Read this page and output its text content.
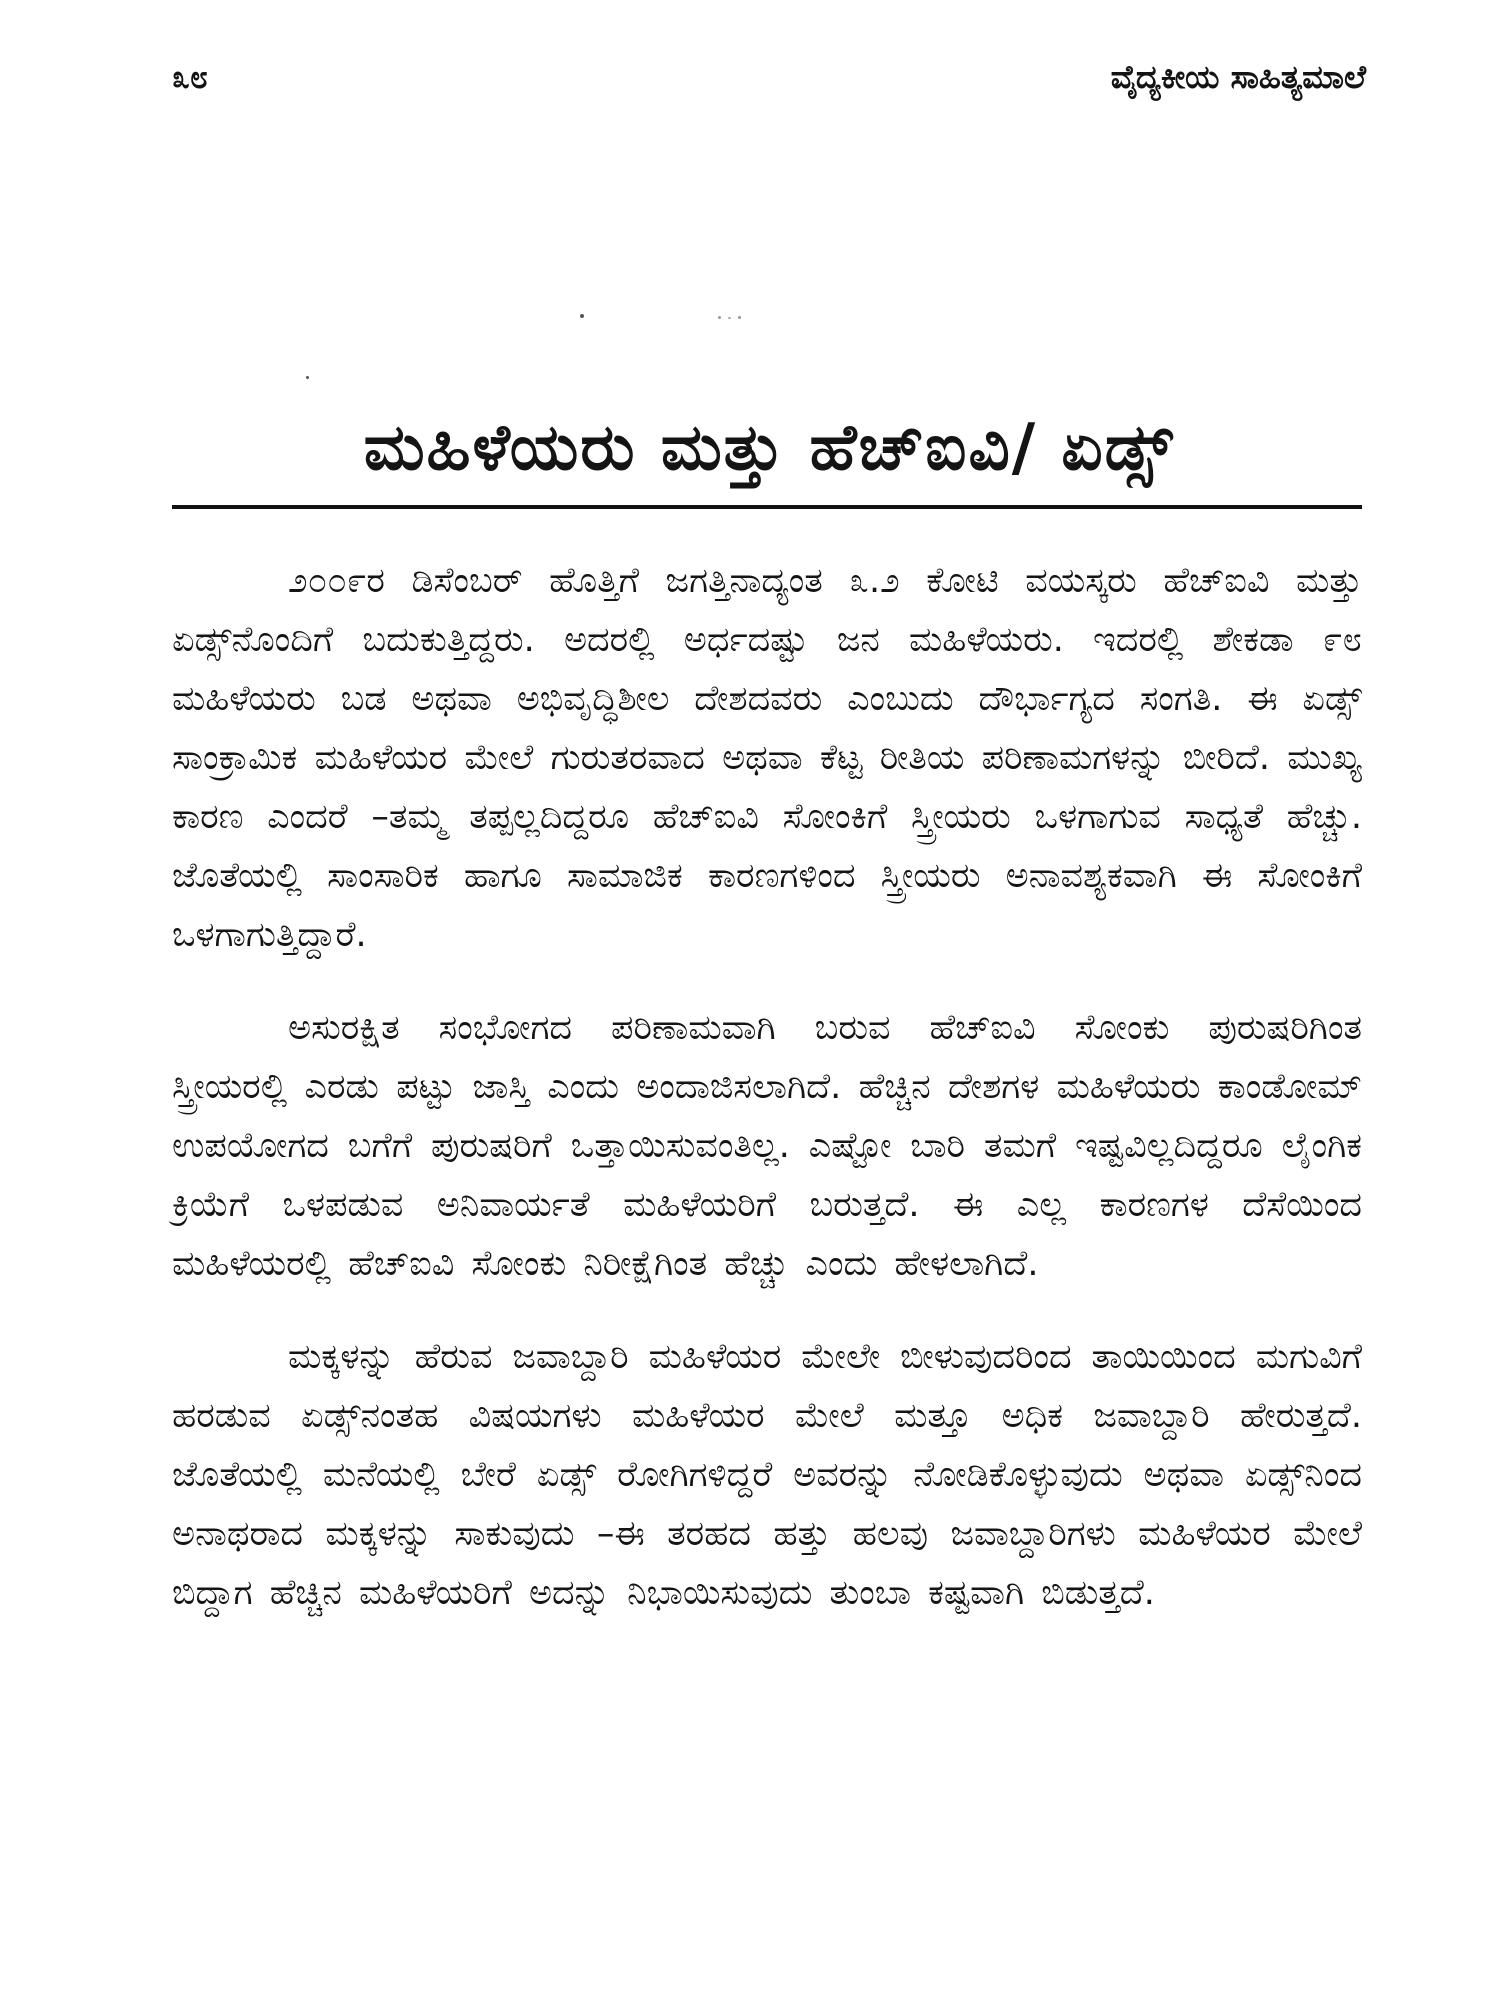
೩೮	ವೈದ್ಯಕೀಯ ಸಾಹಿತ್ಯಮಾಲೆ
ಮಹಿಳೆಯರು ಮತ್ತು ಹೆಚ್‌ಐವಿ/ ಏಡ್ಸ್

೨೦೦೯ರ ಡಿಸೆಂಬರ್ ಹೊತ್ತಿಗೆ ಜಗತ್ತಿನಾದ್ಯಂತ ೩.೨ ಕೋಟಿ ವಯಸ್ಕರು ಹೆಚ್‌ಐವಿ ಮತ್ತು ಏಡ್ಸ್‌ನೊಂದಿಗೆ ಬದುಕುತ್ತಿದ್ದರು. ಅದರಲ್ಲಿ ಅರ್ಧದಷ್ಟು ಜನ ಮಹಿಳೆಯರು. ಇದರಲ್ಲಿ ಶೇಕಡಾ ೯೮ ಮಹಿಳೆಯರು ಬಡ ಅಥವಾ ಅಭಿವೃದ್ಧಿಶೀಲ ದೇಶದವರು ಎಂಬುದು ದೌರ್ಭಾಗ್ಯದ ಸಂಗತಿ. ಈ ಏಡ್ಸ್ ಸಾಂಕ್ರಾಮಿಕ ಮಹಿಳೆಯರ ಮೇಲೆ ಗುರುತರವಾದ ಅಥವಾ ಕೆಟ್ಟ ರೀತಿಯ ಪರಿಣಾಮಗಳನ್ನು ಬೀರಿದೆ. ಮುಖ್ಯ ಕಾರಣ ಎಂದರೆ –ತಮ್ಮ ತಪ್ಪಲ್ಲದಿದ್ದರೂ ಹೆಚ್‌ಐವಿ ಸೋಂಕಿಗೆ ಸ್ತ್ರೀಯರು ಒಳಗಾಗುವ ಸಾಧ್ಯತೆ ಹೆಚ್ಚು. ಜೊತೆಯಲ್ಲಿ ಸಾಂಸಾರಿಕ ಹಾಗೂ ಸಾಮಾಜಿಕ ಕಾರಣಗಳಿಂದ ಸ್ತ್ರೀಯರು ಅನಾವಶ್ಯಕವಾಗಿ ಈ ಸೋಂಕಿಗೆ ಒಳಗಾಗುತ್ತಿದ್ದಾರೆ.

ಅಸುರಕ್ಷಿತ ಸಂಭೋಗದ ಪರಿಣಾಮವಾಗಿ ಬರುವ ಹೆಚ್‌ಐವಿ ಸೋಂಕು ಪುರುಷರಿಗಿಂತ ಸ್ತ್ರೀಯರಲ್ಲಿ ಎರಡು ಪಟ್ಟು ಜಾಸ್ತಿ ಎಂದು ಅಂದಾಜಿಸಲಾಗಿದೆ. ಹೆಚ್ಚಿನ ದೇಶಗಳ ಮಹಿಳೆಯರು ಕಾಂಡೋಮ್ ಉಪಯೋಗದ ಬಗೆಗೆ ಪುರುಷರಿಗೆ ಒತ್ತಾಯಿಸುವಂತಿಲ್ಲ. ಎಷ್ಟೋ ಬಾರಿ ತಮಗೆ ಇಷ್ಟವಿಲ್ಲದಿದ್ದರೂ ಲೈಂಗಿಕ ಕ್ರಿಯೆಗೆ ಒಳಪಡುವ ಅನಿವಾರ್ಯತೆ ಮಹಿಳೆಯರಿಗೆ ಬರುತ್ತದೆ. ಈ ಎಲ್ಲ ಕಾರಣಗಳ ದೆಸೆಯಿಂದ ಮಹಿಳೆಯರಲ್ಲಿ ಹೆಚ್‌ಐವಿ ಸೋಂಕು ನಿರೀಕ್ಷೆಗಿಂತ ಹೆಚ್ಚು ಎಂದು ಹೇಳಲಾಗಿದೆ.

ಮಕ್ಕಳನ್ನು ಹೆರುವ ಜವಾಬ್ದಾರಿ ಮಹಿಳೆಯರ ಮೇಲೇ ಬೀಳುವುದರಿಂದ ತಾಯಿಯಿಂದ ಮಗುವಿಗೆ ಹರಡುವ ಏಡ್ಸ್‌ನಂತಹ ವಿಷಯಗಳು ಮಹಿಳೆಯರ ಮೇಲೆ ಮತ್ತೂ ಅಧಿಕ ಜವಾಬ್ದಾರಿ ಹೇರುತ್ತದೆ. ಜೊತೆಯಲ್ಲಿ ಮನೆಯಲ್ಲಿ ಬೇರೆ ಏಡ್ಸ್ ರೋಗಿಗಳಿದ್ದರೆ ಅವರನ್ನು ನೋಡಿಕೊಳ್ಳುವುದು ಅಥವಾ ಏಡ್ಸ್‌ನಿಂದ ಅನಾಥರಾದ ಮಕ್ಕಳನ್ನು ಸಾಕುವುದು –ಈ ತರಹದ ಹತ್ತು ಹಲವು ಜವಾಬ್ದಾರಿಗಳು ಮಹಿಳೆಯರ ಮೇಲೆ ಬಿದ್ದಾಗ ಹೆಚ್ಚಿನ ಮಹಿಳೆಯರಿಗೆ ಅದನ್ನು ನಿಭಾಯಿಸುವುದು ತುಂಬಾ ಕಷ್ಟವಾಗಿ ಬಿಡುತ್ತದೆ.
